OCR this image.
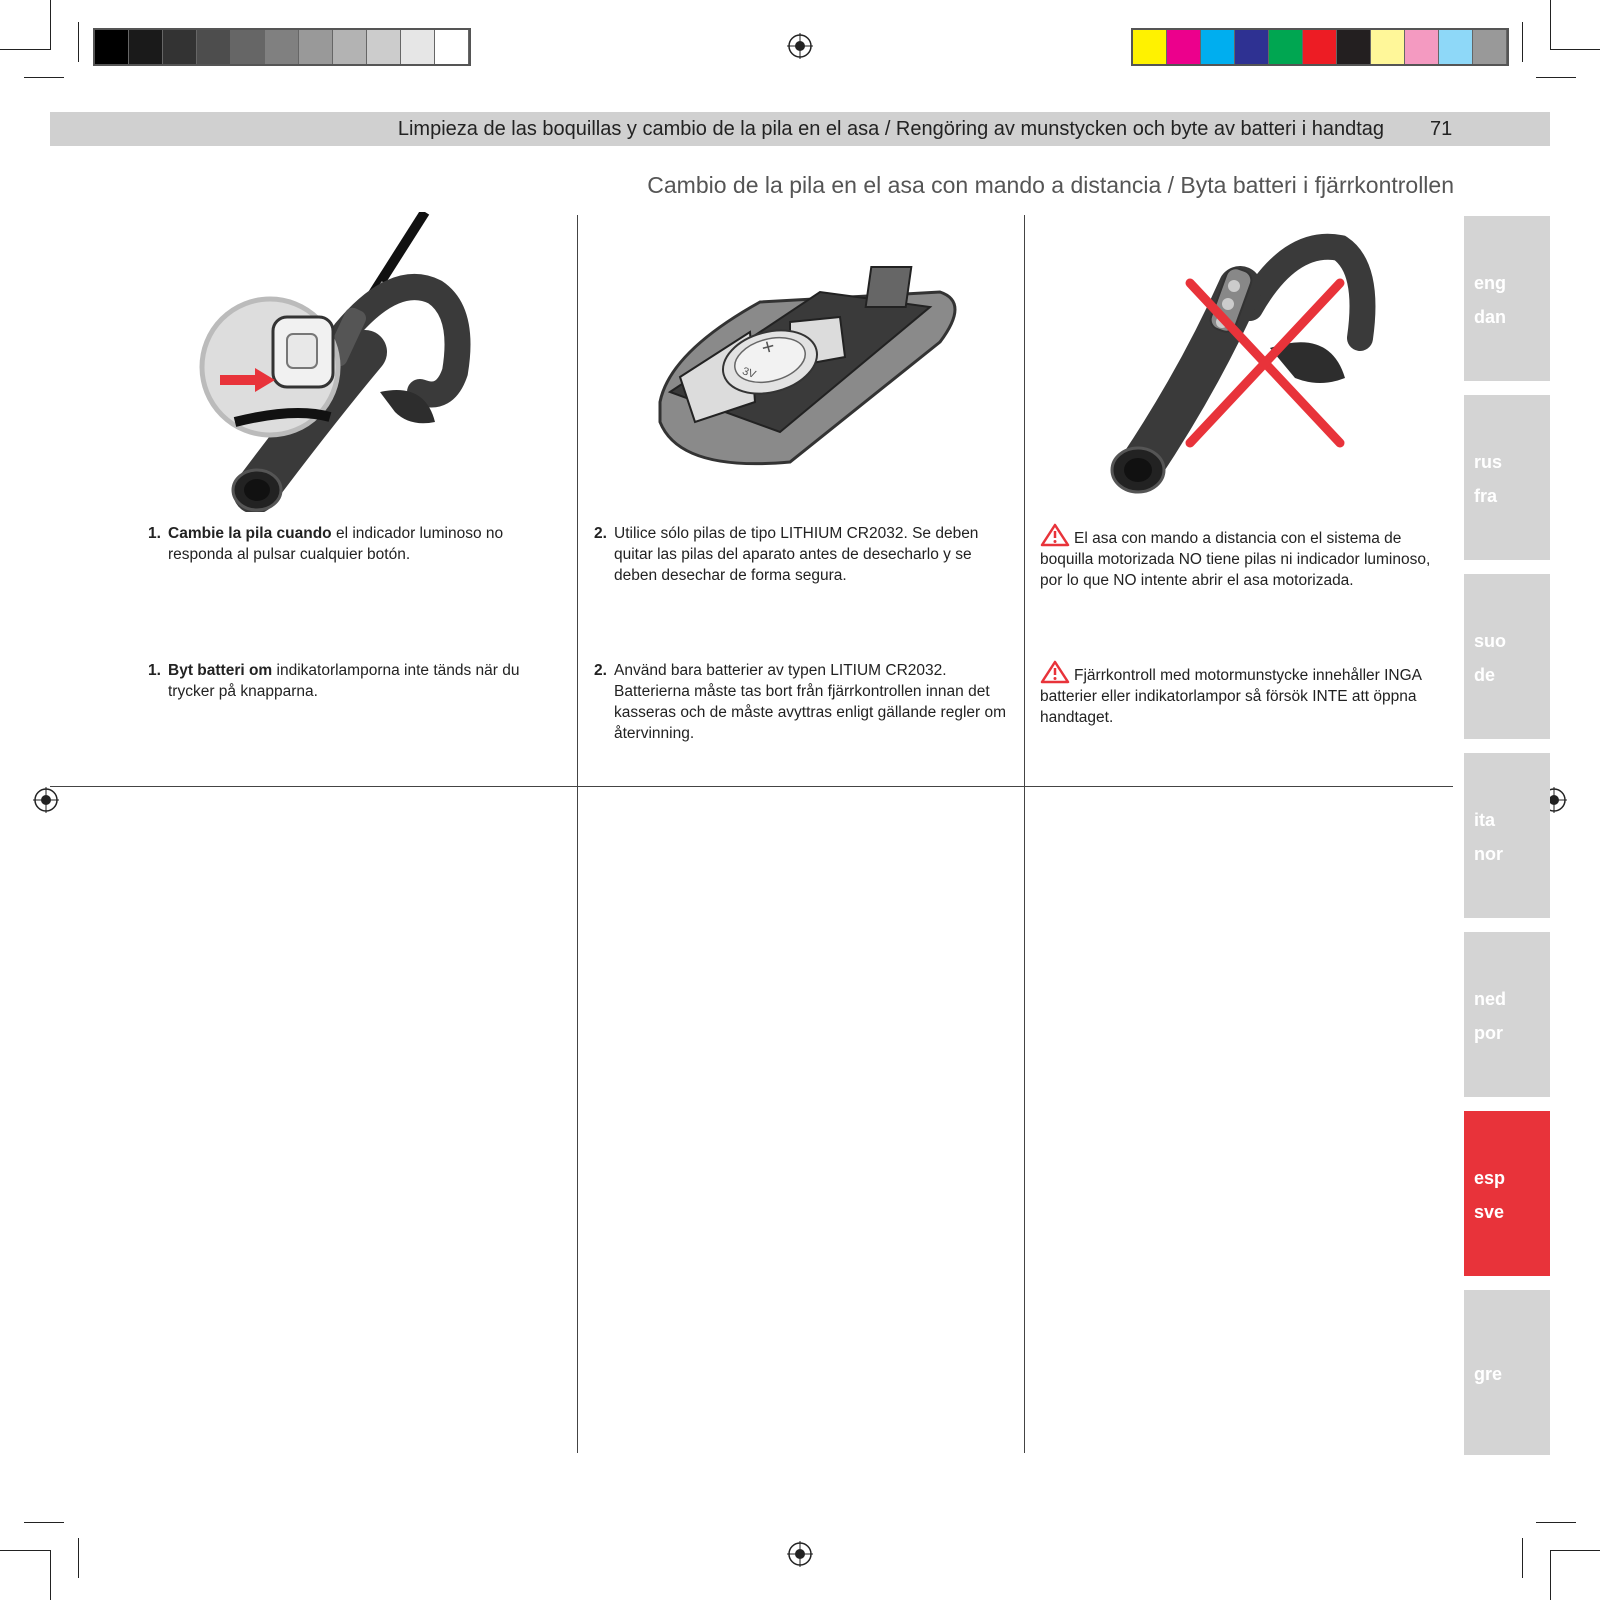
Limpieza de las boquillas y cambio de la pila en el asa / Rengöring av munstycken och byte av batteri i handtag 71
Cambio de la pila en el asa con mando a distancia / Byta batteri i fjärrkontrollen
+
3V
1. Cambie la pila cuando el indicador luminoso no responda al pulsar cualquier botón.
1. Byt batteri om indikatorlamporna inte tänds när du trycker på knapparna.
2. Utilice sólo pilas de tipo LITHIUM CR2032. Se deben quitar las pilas del aparato antes de desecharlo y se deben desechar de forma segura.
2. Använd bara batterier av typen LITIUM CR2032. Batterierna måste tas bort från fjärrkontrollen innan det kasseras och de måste avyttras enligt gällande regler om återvinning.
El asa con mando a distancia con el sistema de boquilla motorizada NO tiene pilas ni indicador luminoso, por lo que NO intente abrir el asa motorizada.
Fjärrkontroll med motormunstycke innehåller INGA batterier eller indikatorlampor så försök INTE att öppna handtaget.
eng
dan
rus
fra
suo
de
ita
nor
ned
por
esp
sve
gre
